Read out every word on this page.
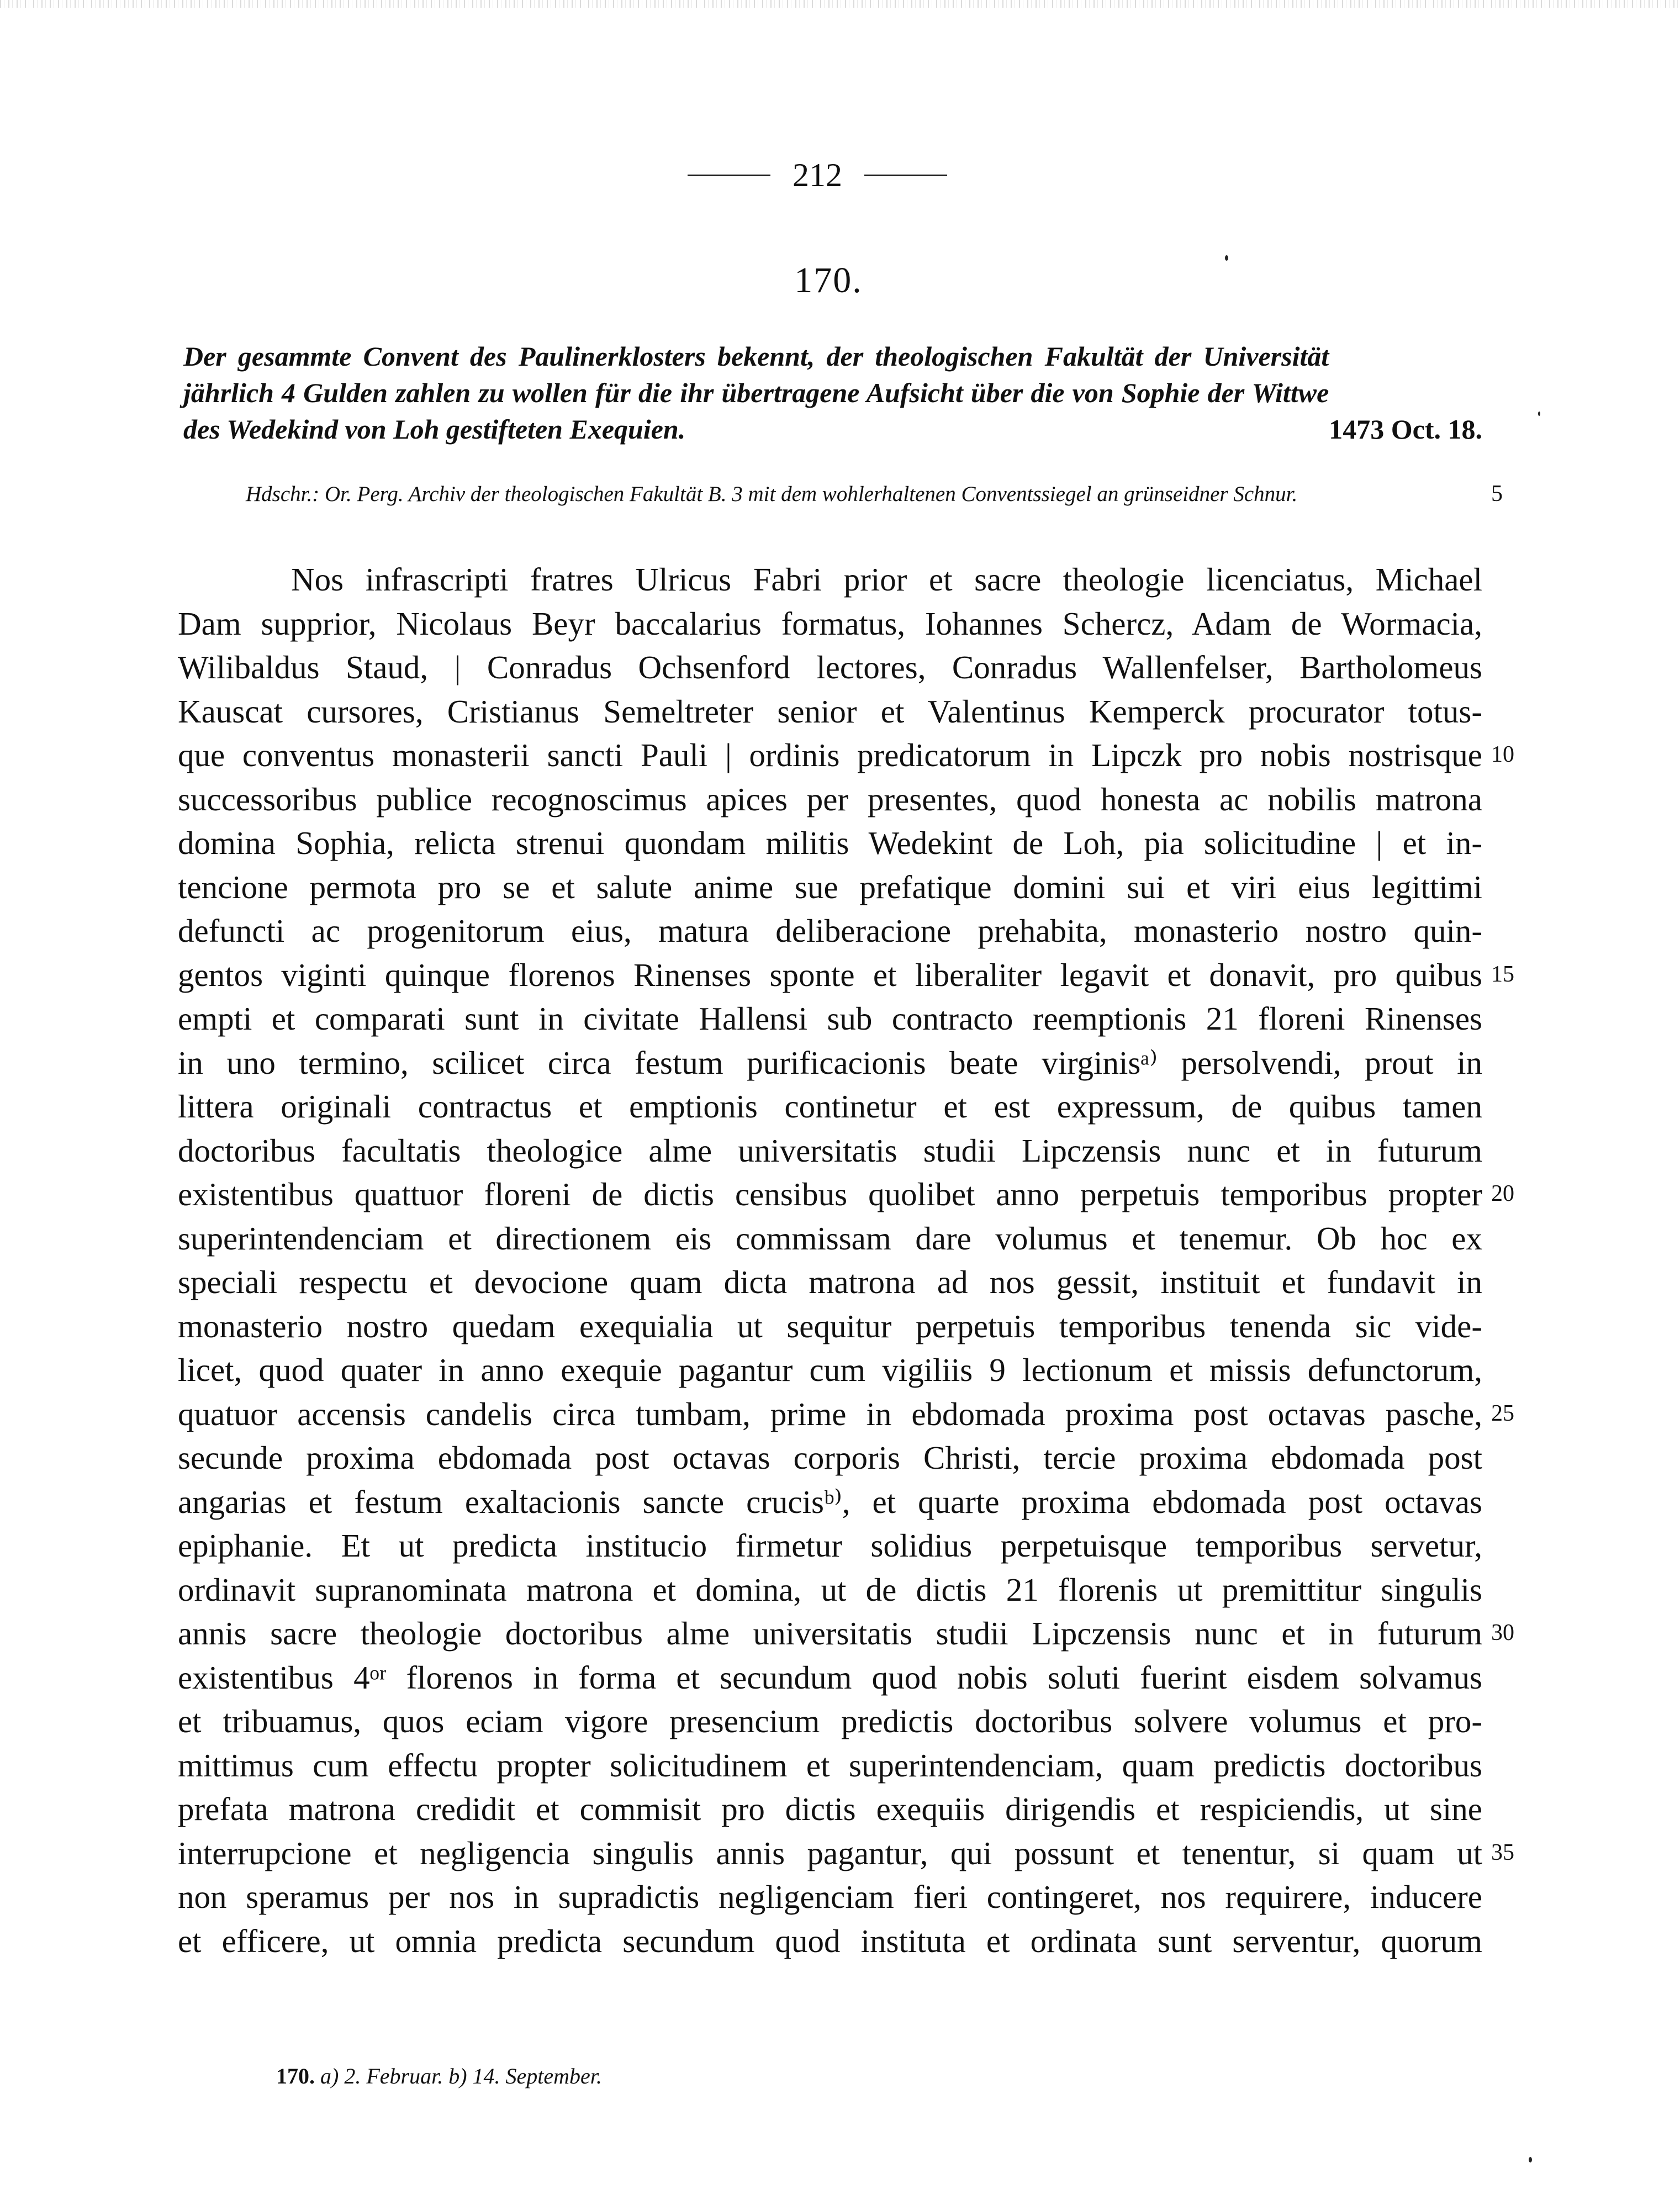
212
170.
1473 Oct. 18.
Der gesammte Convent des Paulinerklosters bekennt, der theologischen Fakultät der Universität jährlich 4 Gulden zahlen zu wollen für die ihr übertragene Aufsicht über die von Sophie der Wittwe des Wedekind von Loh gestifteten Exequien.
Hdschr.: Or. Perg. Archiv der theologischen Fakultät B. 3 mit dem wohlerhaltenen Conventssiegel an grünseidner Schnur.	5
Nos infrascripti fratres Ulricus Fabri prior et sacre theologie licenciatus, Michael
Dam supprior, Nicolaus Beyr baccalarius formatus, Iohannes Schercz, Adam de Wormacia,
Wilibaldus Staud, | Conradus Ochsenford lectores, Conradus Wallenfelser, Bartholomeus
Kauscat cursores, Cristianus Semeltreter senior et Valentinus Kemperck procurator totus-
que conventus monasterii sancti Pauli | ordinis predicatorum in Lipczk pro nobis nostrisque
successoribus publice recognoscimus apices per presentes, quod honesta ac nobilis matrona
domina Sophia, relicta strenui quondam militis Wedekint de Loh, pia solicitudine | et in-
tencione permota pro se et salute anime sue prefatique domini sui et viri eius legittimi
defuncti ac progenitorum eius, matura deliberacione prehabita, monasterio nostro quin-
gentos viginti quinque florenos Rinenses sponte et liberaliter legavit et donavit, pro quibus
empti et comparati sunt in civitate Hallensi sub contracto reemptionis 21 floreni Rinenses
in uno termino, scilicet circa festum purificacionis beate virginisᵃ⁾ persolvendi, prout in
littera originali contractus et emptionis continetur et est expressum, de quibus tamen
doctoribus facultatis theologice alme universitatis studii Lipczensis nunc et in futurum
existentibus quattuor floreni de dictis censibus quolibet anno perpetuis temporibus propter
superintendenciam et directionem eis commissam dare volumus et tenemur. Ob hoc ex
speciali respectu et devocione quam dicta matrona ad nos gessit, instituit et fundavit in
monasterio nostro quedam exequialia ut sequitur perpetuis temporibus tenenda sic vide-
licet, quod quater in anno exequie pagantur cum vigiliis 9 lectionum et missis defunctorum,
quatuor accensis candelis circa tumbam, prime in ebdomada proxima post octavas pasche,
secunde proxima ebdomada post octavas corporis Christi, tercie proxima ebdomada post
angarias et festum exaltacionis sancte crucisᵇ⁾, et quarte proxima ebdomada post octavas
epiphanie. Et ut predicta institucio firmetur solidius perpetuisque temporibus servetur,
ordinavit supranominata matrona et domina, ut de dictis 21 florenis ut premittitur singulis
annis sacre theologie doctoribus alme universitatis studii Lipczensis nunc et in futurum
existentibus 4ᵒʳ florenos in forma et secundum quod nobis soluti fuerint eisdem solvamus
et tribuamus, quos eciam vigore presencium predictis doctoribus solvere volumus et pro-
mittimus cum effectu propter solicitudinem et superintendenciam, quam predictis doctoribus
prefata matrona credidit et commisit pro dictis exequiis dirigendis et respiciendis, ut sine
interrupcione et negligencia singulis annis pagantur, qui possunt et tenentur, si quam ut
non speramus per nos in supradictis negligenciam fieri contingeret, nos requirere, inducere
et efficere, ut omnia predicta secundum quod instituta et ordinata sunt serventur, quorum
10
15
20
25
30
35
170. a) 2. Februar. b) 14. September.
